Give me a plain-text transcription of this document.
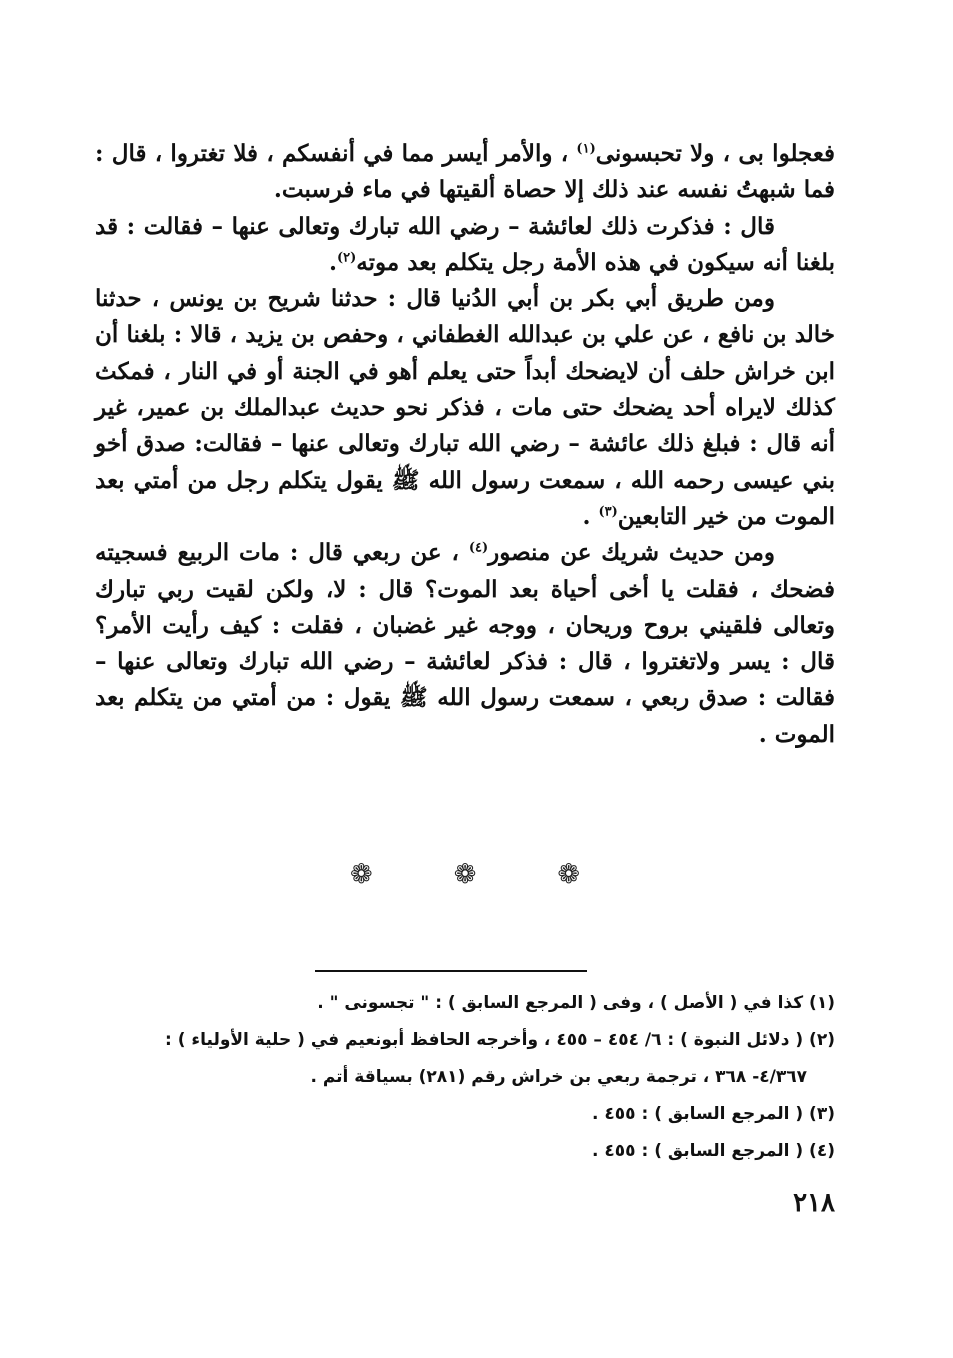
فعجلوا بى ، ولا تحبسونى$^{(١)}$ ، والأمر أيسر مما في أنفسكم ، فلا تغتروا ، قال : فما شبهتُ نفسه عند ذلك إلا حصاة ألقيتها في ماء فرسبت.

قال : فذكرت ذلك لعائشة – رضي الله تبارك وتعالى عنها – فقالت : قد بلغنا أنه سيكون في هذه الأمة رجل يتكلم بعد موته$^{(٢)}$.

ومن طريق أبي بكر بن أبي الدُنيا قال : حدثنا شريح بن يونس ، حدثنا خالد بن نافع ، عن علي بن عبدالله الغطفاني ، وحفص بن يزيد ، قالا : بلغنا أن ابن خراش حلف أن لايضحك أبداً حتى يعلم أهو في الجنة أو في النار ، فمكث كذلك لايراه أحد يضحك حتى مات ، فذكر نحو حديث عبدالملك بن عمير، غير أنه قال : فبلغ ذلك عائشة – رضي الله تبارك وتعالى عنها – فقالت: صدق أخو بني عيسى رحمه الله ، سمعت رسول الله ﷺ يقول يتكلم رجل من أمتي بعد الموت من خير التابعين$^{(٣)}$ .

ومن حديث شريك عن منصور$^{(٤)}$ ، عن ربعي قال : مات الربيع فسجيته فضحك ، فقلت يا أخى أحياة بعد الموت؟ قال : لا، ولكن لقيت ربي تبارك وتعالى فلقيني بروح وريحان ، ووجه غير غضبان ، فقلت : كيف رأيت الأمر؟ قال : يسر ولاتغتروا ، قال : فذكر لعائشة – رضي الله تبارك وتعالى عنها – فقالت : صدق ربعي ، سمعت رسول الله ﷺ يقول : من أمتي من يتكلم بعد الموت .

❁	❁	❁

(١) كذا في ( الأصل ) ، وفى ( المرجع السابق ) : " تجسونى " .

(٢) ( دلائل النبوة ) : ٦/ ٤٥٤ – ٤٥٥ ، وأخرجه الحافظ أبونعيم في ( حلية الأولياء ) :

٤/٣٦٧- ٣٦٨ ، ترجمة ربعي بن خراش رقم (٢٨١) بسياقة أتم .

(٣) ( المرجع السابق ) : ٤٥٥ .

(٤) ( المرجع السابق ) : ٤٥٥ .

٢١٨
